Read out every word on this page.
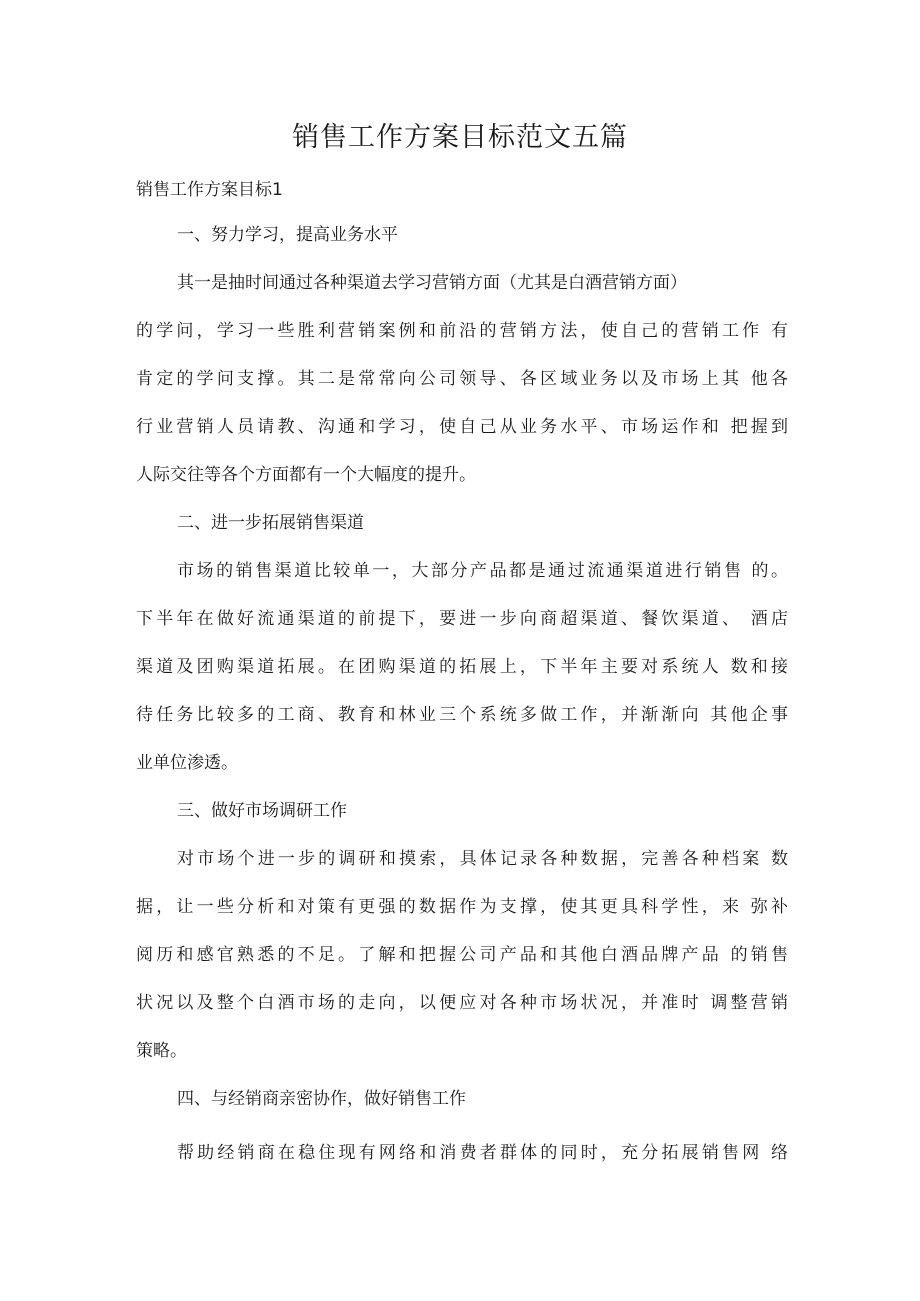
销售工作方案目标范文五篇
销售工作方案目标1
一、努力学习，提高业务水平
其一是抽时间通过各种渠道去学习营销方面（尤其是白酒营销方面）
的学问，学习一些胜利营销案例和前沿的营销方法，使自己的营销工作 有
肯定的学问支撑。其二是常常向公司领导、各区域业务以及市场上其 他各
行业营销人员请教、沟通和学习，使自己从业务水平、市场运作和 把握到
人际交往等各个方面都有一个大幅度的提升。
二、进一步拓展销售渠道
市场的销售渠道比较单一，大部分产品都是通过流通渠道进行销售 的。
下半年在做好流通渠道的前提下，要进一步向商超渠道、餐饮渠道、 酒店
渠道及团购渠道拓展。在团购渠道的拓展上，下半年主要对系统人 数和接
待任务比较多的工商、教育和林业三个系统多做工作，并渐渐向 其他企事
业单位渗透。
三、做好市场调研工作
对市场个进一步的调研和摸索，具体记录各种数据，完善各种档案 数
据，让一些分析和对策有更强的数据作为支撑，使其更具科学性，来 弥补
阅历和感官熟悉的不足。了解和把握公司产品和其他白酒品牌产品 的销售
状况以及整个白酒市场的走向，以便应对各种市场状况，并准时 调整营销
策略。
四、与经销商亲密协作，做好销售工作
帮助经销商在稳住现有网络和消费者群体的同时，充分拓展销售网 络
